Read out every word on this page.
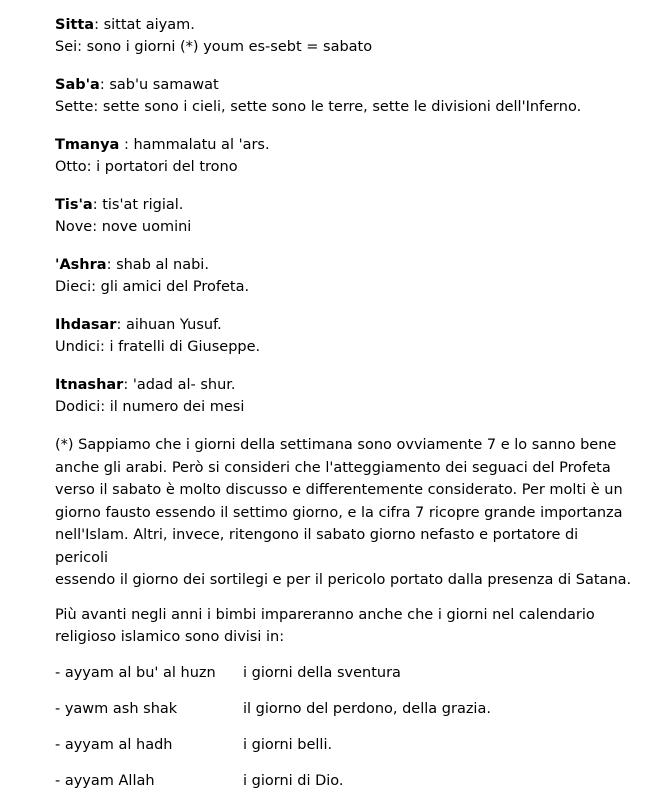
Sitta: sittat aiyam.
Sei: sono i giorni (*) youm es-sebt = sabato
Sab'a: sab'u samawat
Sette: sette sono i cieli, sette sono le terre, sette le divisioni dell'Inferno.
Tmanya : hammalatu al 'ars.
Otto: i portatori del trono
Tis'a: tis'at rigial.
Nove: nove uomini
'Ashra: shab al nabi.
Dieci: gli amici del Profeta.
Ihdasar: aihuan Yusuf.
Undici: i fratelli di Giuseppe.
Itnashar: 'adad al- shur.
Dodici: il numero dei mesi
(*) Sappiamo che i giorni della settimana sono ovviamente 7 e lo sanno bene
anche gli arabi. Però si consideri che l'atteggiamento dei seguaci del Profeta
verso il sabato è molto discusso e differentemente considerato. Per molti è un
giorno fausto essendo il settimo giorno, e la cifra 7 ricopre grande importanza
nell'Islam. Altri, invece, ritengono il sabato giorno nefasto e portatore di pericoli
essendo il giorno dei sortilegi e per il pericolo portato dalla presenza di Satana.
Più avanti negli anni i bimbi impareranno anche che i giorni nel calendario
religioso islamico sono divisi in:
- ayyam al bu' al huzn	i giorni della sventura
- yawm ash shak	il giorno del perdono, della grazia.
- ayyam al hadh	i giorni belli.
- ayyam Allah	i giorni di Dio.
